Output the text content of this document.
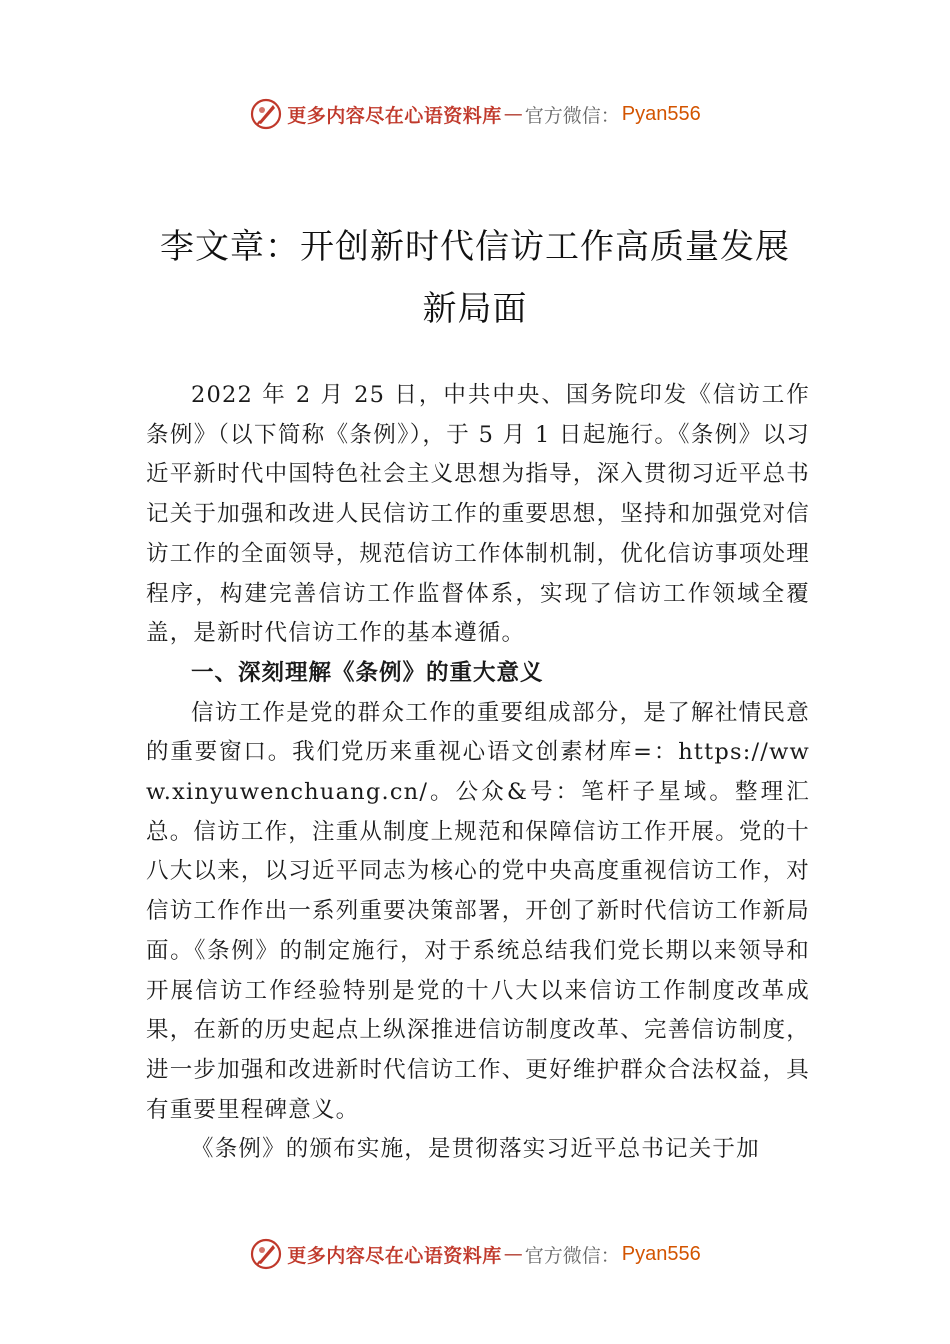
更多内容尽在心语资料库 — 官方微信： Pyan556
李文章：开创新时代信访工作高质量发展
新局面

2022 年 2 月 25 日，中共中央、国务院印发《信访工作条例》（以下简称《条例》），于 5 月 1 日起施行。《条例》以习近平新时代中国特色社会主义思想为指导，深入贯彻习近平总书记关于加强和改进人民信访工作的重要思想，坚持和加强党对信访工作的全面领导，规范信访工作体制机制，优化信访事项处理程序，构建完善信访工作监督体系，实现了信访工作领域全覆盖，是新时代信访工作的基本遵循。

一、深刻理解《条例》的重大意义

信访工作是党的群众工作的重要组成部分，是了解社情民意的重要窗口。我们党历来重视心语文创素材库=：https://www.xinyuwenchuang.cn/。公众&号：笔杆子星域。整理汇总。信访工作，注重从制度上规范和保障信访工作开展。党的十八大以来，以习近平同志为核心的党中央高度重视信访工作，对信访工作作出一系列重要决策部署，开创了新时代信访工作新局面。《条例》的制定施行，对于系统总结我们党长期以来领导和开展信访工作经验特别是党的十八大以来信访工作制度改革成果，在新的历史起点上纵深推进信访制度改革、完善信访制度，进一步加强和改进新时代信访工作、更好维护群众合法权益，具有重要里程碑意义。

《条例》的颁布实施，是贯彻落实习近平总书记关于加

更多内容尽在心语资料库 — 官方微信： Pyan556
